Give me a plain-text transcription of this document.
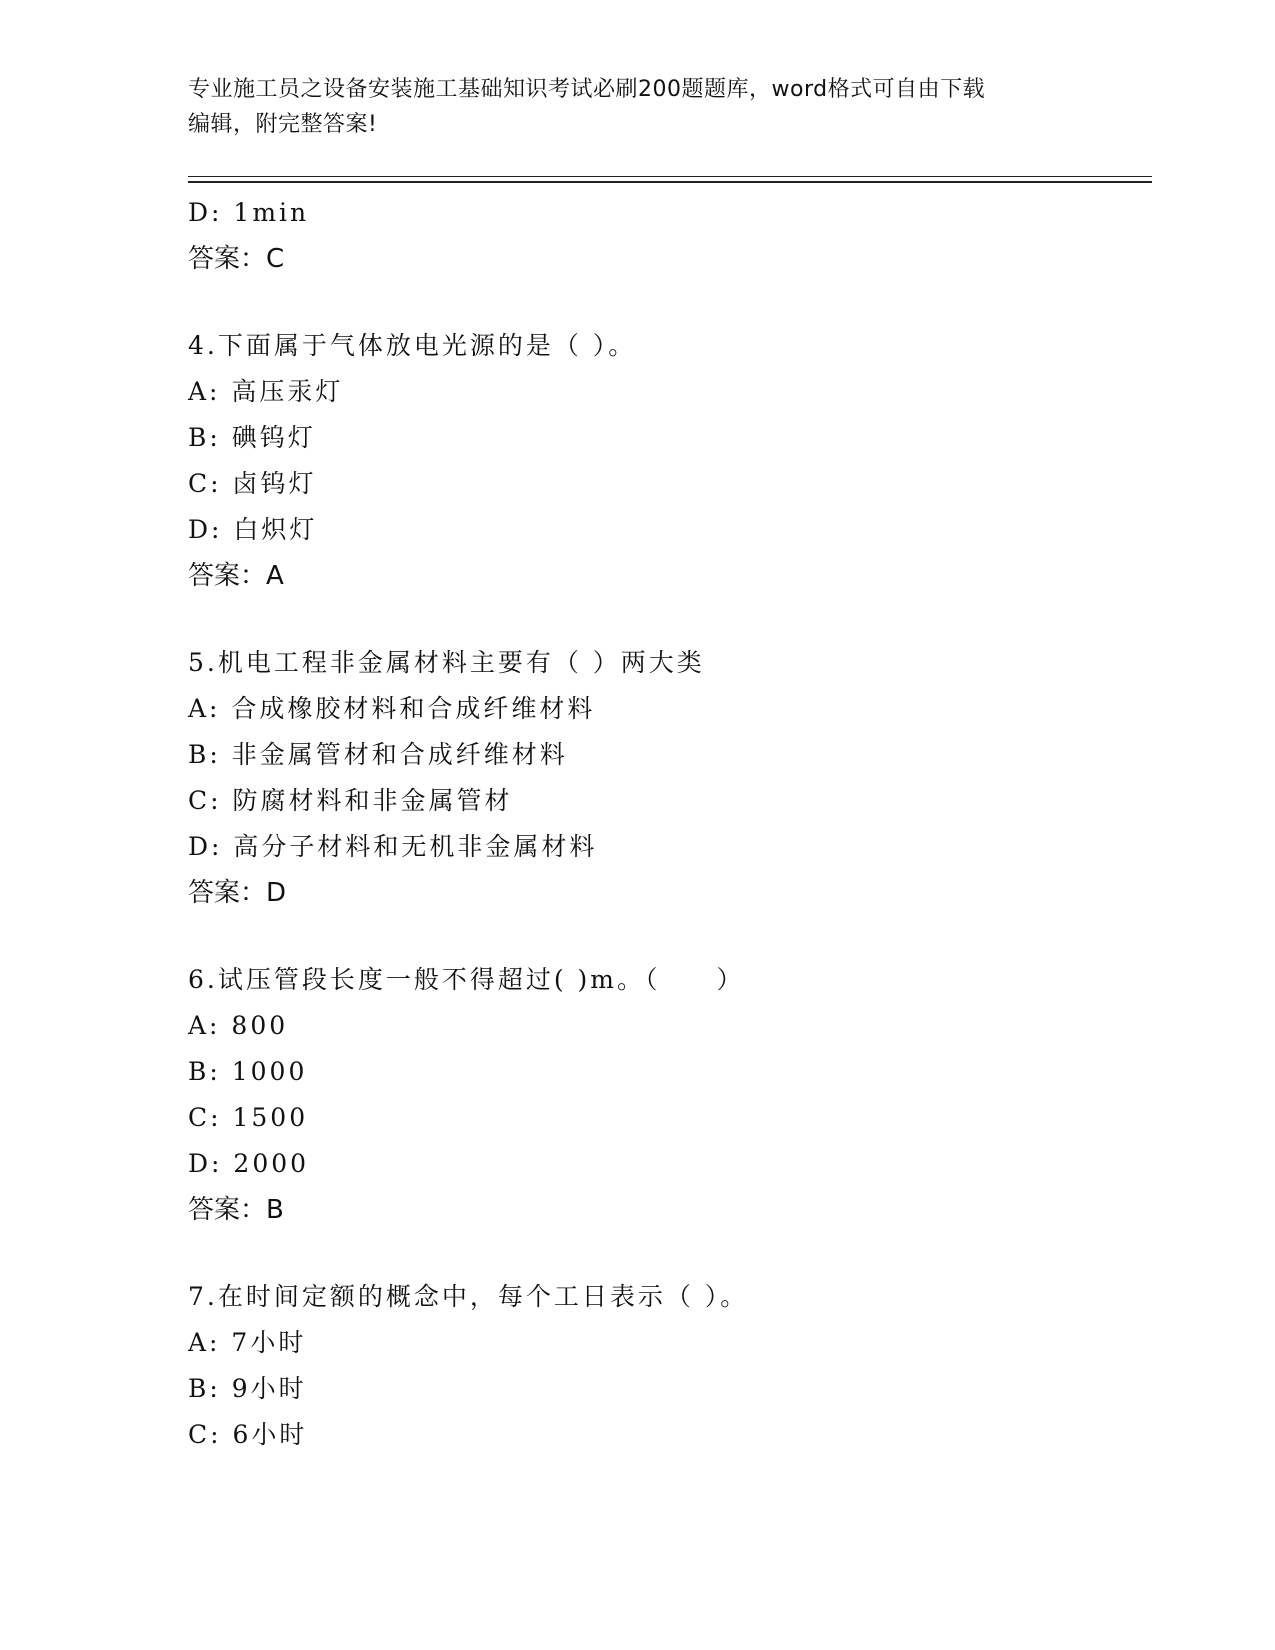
专业施工员之设备安装施工基础知识考试必刷200题题库，word格式可自由下载
编辑，附完整答案!
D: 1min
答案：C
4.下面属于气体放电光源的是（ ）。
A: 高压汞灯
B: 碘钨灯
C: 卤钨灯
D: 白炽灯
答案：A
5.机电工程非金属材料主要有（ ）两大类
A: 合成橡胶材料和合成纤维材料
B: 非金属管材和合成纤维材料
C: 防腐材料和非金属管材
D: 高分子材料和无机非金属材料
答案：D
6.试压管段长度一般不得超过( )m。（　　）
A: 800
B: 1000
C: 1500
D: 2000
答案：B
7.在时间定额的概念中，每个工日表示（ ）。
A: 7小时
B: 9小时
C: 6小时
